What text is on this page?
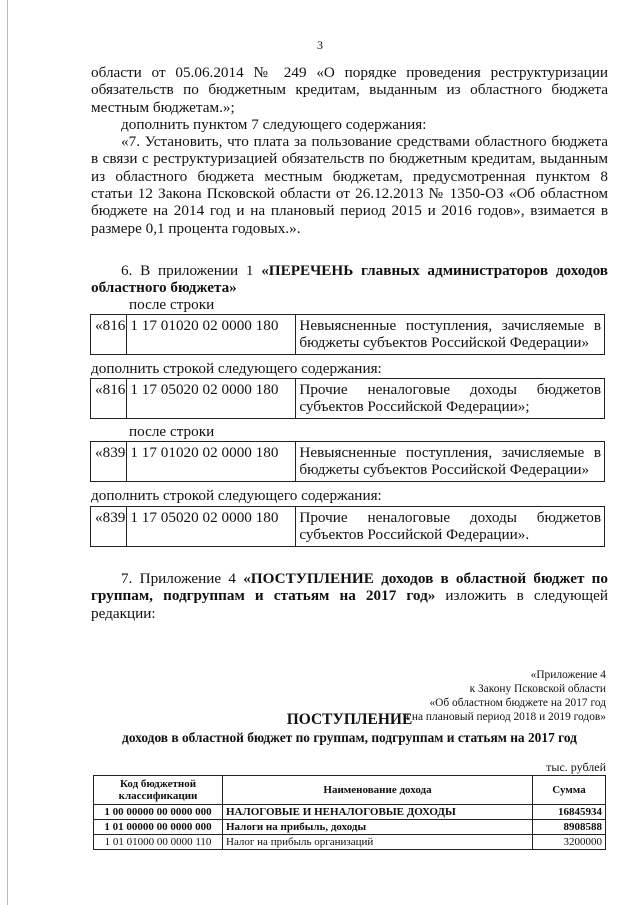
3

области от 05.06.2014 № 249 «О порядке проведения реструктуризации обязательств по бюджетным кредитам, выданным из областного бюджета местным бюджетам.»;

дополнить пунктом 7 следующего содержания:

«7. Установить, что плата за пользование средствами областного бюджета в связи с реструктуризацией обязательств по бюджетным кредитам, выданным из областного бюджета местным бюджетам, предусмотренная пунктом 8 статьи 12 Закона Псковской области от 26.12.2013 № 1350-ОЗ «Об областном бюджете на 2014 год и на плановый период 2015 и 2016 годов», взимается в размере 0,1 процента годовых.».

6. В приложении 1 «ПЕРЕЧЕНЬ главных администраторов доходов областного бюджета»

после строки
«816	1 17 01020 02 0000 180	Невыясненные поступления, зачисляемые в бюджеты субъектов Российской Федерации»
дополнить строкой следующего содержания:
«816	1 17 05020 02 0000 180	Прочие неналоговые доходы бюджетов субъектов Российской Федерации»;
после строки
«839	1 17 01020 02 0000 180	Невыясненные поступления, зачисляемые в бюджеты субъектов Российской Федерации»
дополнить строкой следующего содержания:
«839	1 17 05020 02 0000 180	Прочие неналоговые доходы бюджетов субъектов Российской Федерации».

7. Приложение 4 «ПОСТУПЛЕНИЕ доходов в областной бюджет по группам, подгруппам и статьям на 2017 год» изложить в следующей редакции:

«Приложение 4
к Закону Псковской области
«Об областном бюджете на 2017 год
и на плановый период 2018 и 2019 годов»
ПОСТУПЛЕНИЕ
доходов в областной бюджет по группам, подгруппам и статьям на 2017 год
тыс. рублей
Код бюджетной классификации	Наименование дохода	Сумма
1 00 00000 00 0000 000	НАЛОГОВЫЕ И НЕНАЛОГОВЫЕ ДОХОДЫ	16845934
1 01 00000 00 0000 000	Налоги на прибыль, доходы	8908588
1 01 01000 00 0000 110	Налог на прибыль организаций	3200000
